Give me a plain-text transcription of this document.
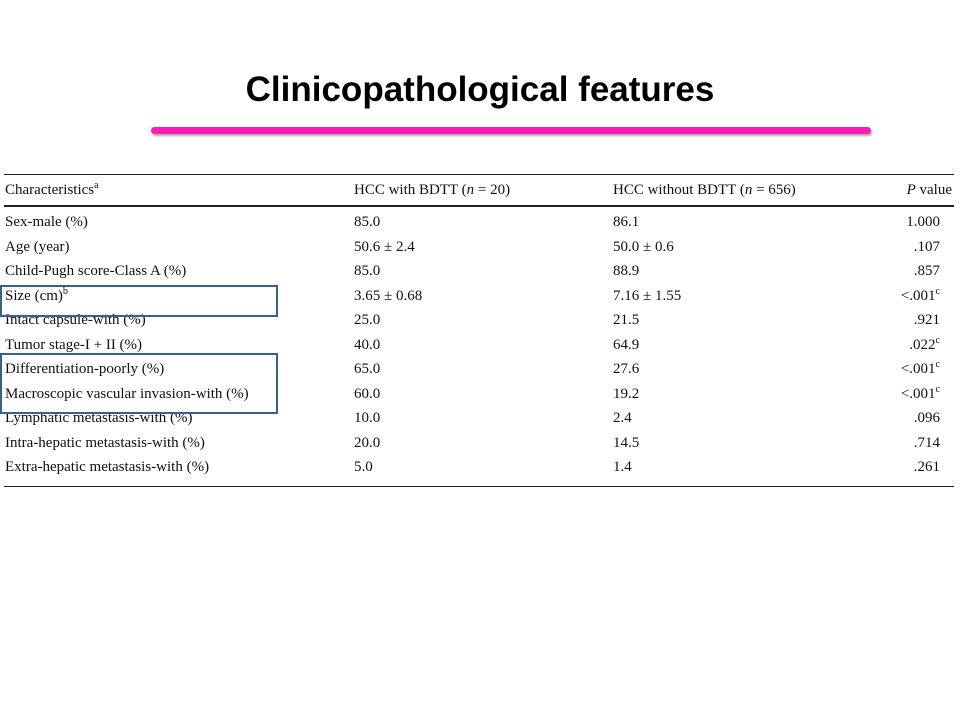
Clinicopathological features
Characteristics$^a$	HCC with BDTT (n = 20)	HCC without BDTT (n = 656)	P value
Sex-male (%)	85.0	86.1	1.000
Age (year)	50.6 ± 2.4	50.0 ± 0.6	.107
Child-Pugh score-Class A (%)	85.0	88.9	.857
Size (cm)$^b$	3.65 ± 0.68	7.16 ± 1.55	<.001$^c$
Intact capsule-with (%)	25.0	21.5	.921
Tumor stage-I + II (%)	40.0	64.9	.022$^c$
Differentiation-poorly (%)	65.0	27.6	<.001$^c$
Macroscopic vascular invasion-with (%)	60.0	19.2	<.001$^c$
Lymphatic metastasis-with (%)	10.0	2.4	.096
Intra-hepatic metastasis-with (%)	20.0	14.5	.714
Extra-hepatic metastasis-with (%)	5.0	1.4	.261
